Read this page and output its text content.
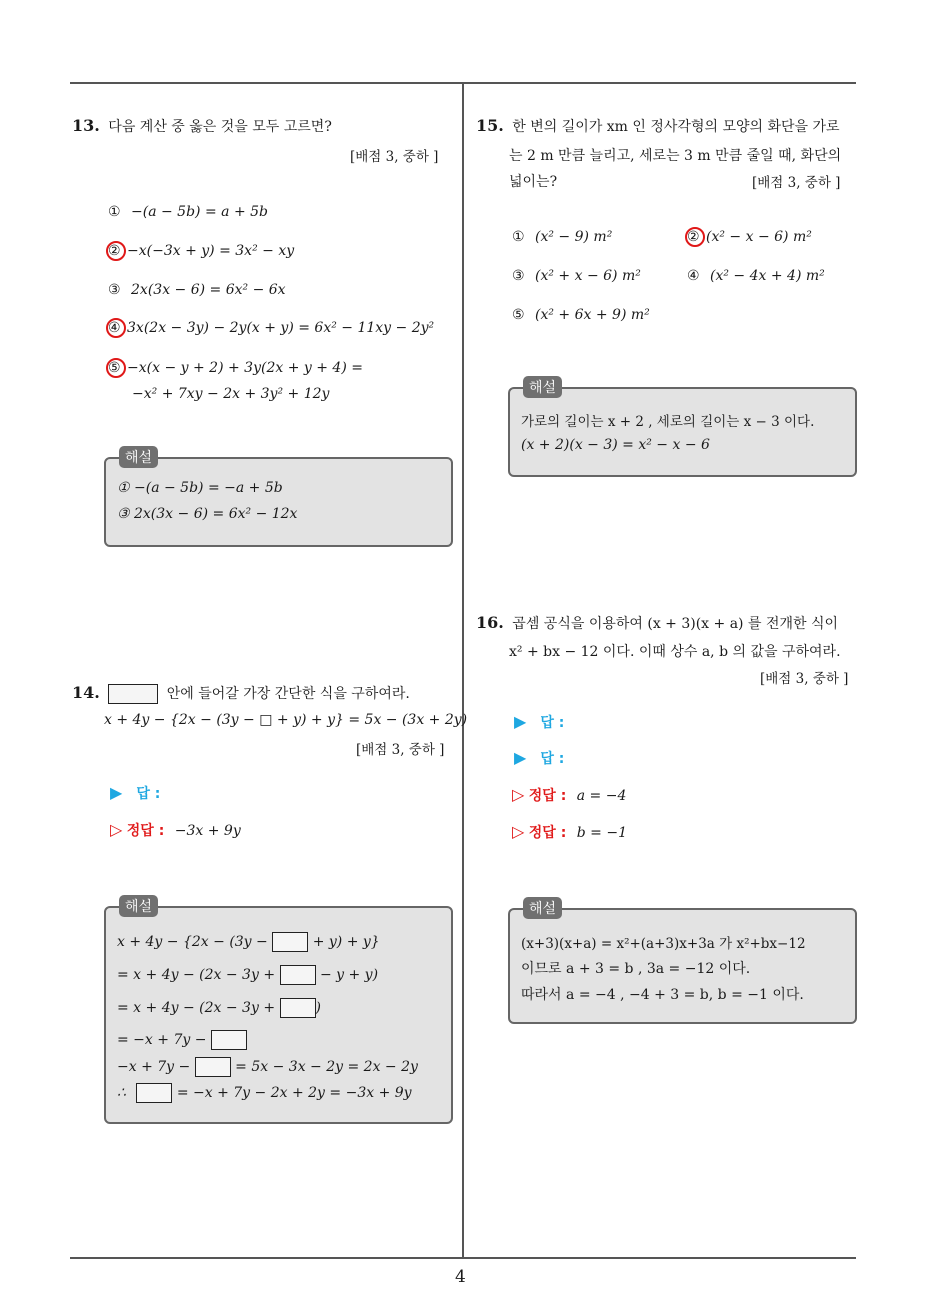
4
13. 다음 계산 중 옳은 것을 모두 고르면?
[배점 3, 중하 ]
① −(a − 5b) = a + 5b
② −x(−3x + y) = 3x² − xy
③ 2x(3x − 6) = 6x² − 6x
④ 3x(2x − 3y) − 2y(x + y) = 6x² − 11xy − 2y²
⑤ −x(x − y + 2) + 3y(2x + y + 4) =
−x² + 7xy − 2x + 3y² + 12y
해설
① −(a − 5b) = −a + 5b
③ 2x(3x − 6) = 6x² − 12x
14.	안에 들어갈 가장 간단한 식을 구하여라.
x + 4y − {2x − (3y − □ + y) + y} = 5x − (3x + 2y)
[배점 3, 중하 ]
▶ 답 :
▷ 정답 : −3x + 9y
해설
x + 4y − {2x − (3y −	+ y) + y}
= x + 4y − (2x − 3y +	− y + y)
= x + 4y − (2x − 3y +	)
= −x + 7y −
−x + 7y −	= 5x − 3x − 2y = 2x − 2y
∴	= −x + 7y − 2x + 2y = −3x + 9y
15. 한 변의 길이가 xm 인 정사각형의 모양의 화단을 가로
는 2 m 만큼 늘리고, 세로는 3 m 만큼 줄일 때, 화단의
넓이는?	[배점 3, 중하 ]
① (x² − 9) m²	② (x² − x − 6) m²
③ (x² + x − 6) m²	④ (x² − 4x + 4) m²
⑤ (x² + 6x + 9) m²
해설
가로의 길이는 x + 2 , 세로의 길이는 x − 3 이다.
(x + 2)(x − 3) = x² − x − 6
16. 곱셈 공식을 이용하여 (x + 3)(x + a) 를 전개한 식이
x² + bx − 12 이다. 이때 상수 a, b 의 값을 구하여라.
[배점 3, 중하 ]
▶ 답 :
▶ 답 :
▷ 정답 : a = −4
▷ 정답 : b = −1
해설
(x+3)(x+a) = x²+(a+3)x+3a 가 x²+bx−12
이므로 a + 3 = b , 3a = −12 이다.
따라서 a = −4 , −4 + 3 = b, b = −1 이다.
